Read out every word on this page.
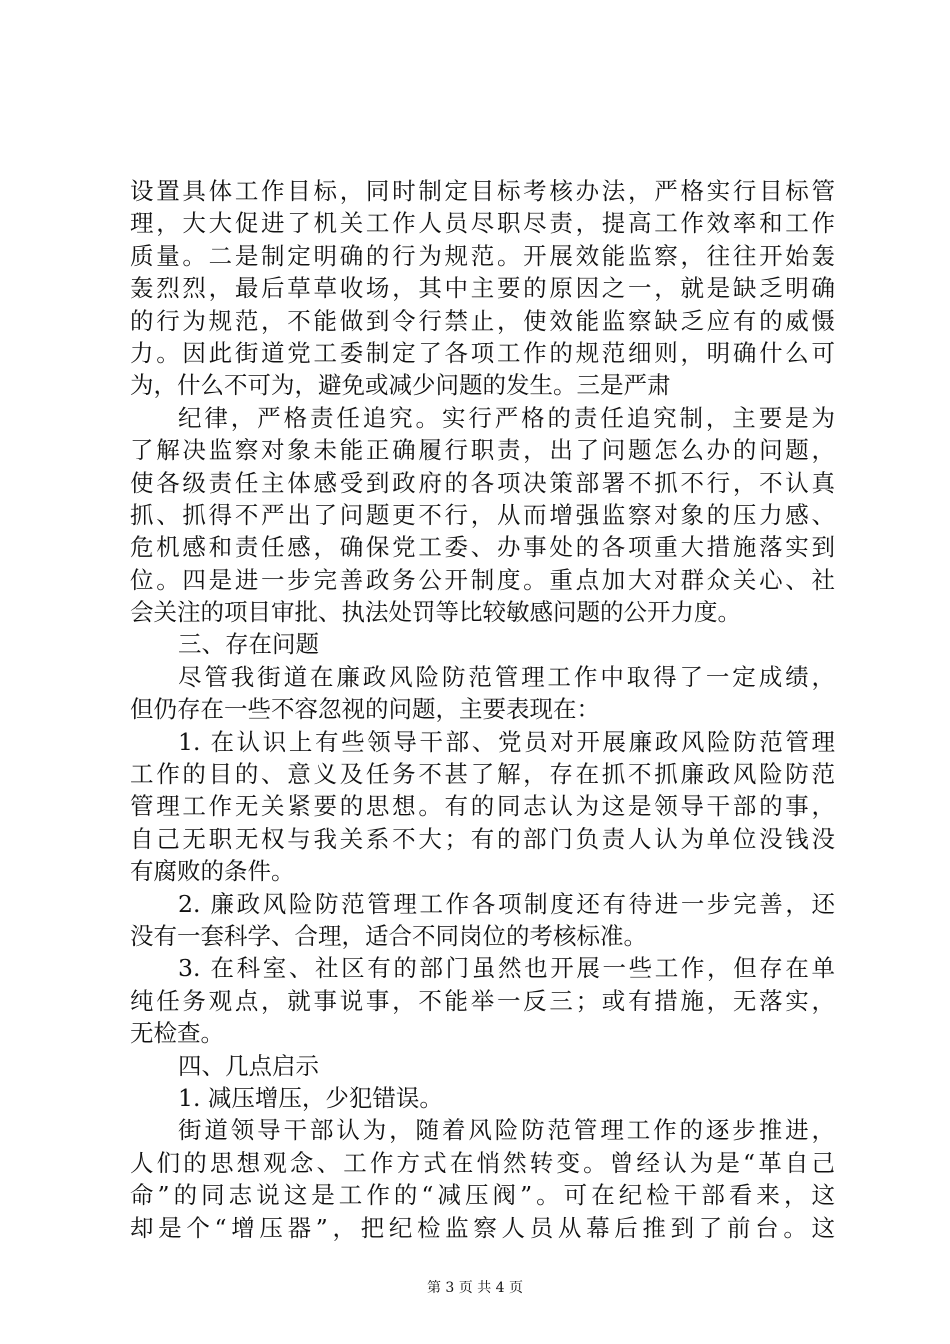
设置具体工作目标，同时制定目标考核办法，严格实行目标管
理，大大促进了机关工作人员尽职尽责，提高工作效率和工作
质量。二是制定明确的行为规范。开展效能监察，往往开始轰
轰烈烈，最后草草收场，其中主要的原因之一，就是缺乏明确
的行为规范，不能做到令行禁止，使效能监察缺乏应有的威慑
力。因此街道党工委制定了各项工作的规范细则，明确什么可
为，什么不可为，避免或减少问题的发生。三是严肃
纪律，严格责任追究。实行严格的责任追究制，主要是为
了解决监察对象未能正确履行职责，出了问题怎么办的问题，
使各级责任主体感受到政府的各项决策部署不抓不行，不认真
抓、抓得不严出了问题更不行，从而增强监察对象的压力感、
危机感和责任感，确保党工委、办事处的各项重大措施落实到
位。四是进一步完善政务公开制度。重点加大对群众关心、社
会关注的项目审批、执法处罚等比较敏感问题的公开力度。
三、存在问题
尽管我街道在廉政风险防范管理工作中取得了一定成绩，
但仍存在一些不容忽视的问题，主要表现在：
1. 在认识上有些领导干部、党员对开展廉政风险防范管理
工作的目的、意义及任务不甚了解，存在抓不抓廉政风险防范
管理工作无关紧要的思想。有的同志认为这是领导干部的事，
自己无职无权与我关系不大；有的部门负责人认为单位没钱没
有腐败的条件。
2. 廉政风险防范管理工作各项制度还有待进一步完善，还
没有一套科学、合理，适合不同岗位的考核标准。
3. 在科室、社区有的部门虽然也开展一些工作，但存在单
纯任务观点，就事说事，不能举一反三；或有措施，无落实，
无检查。
四、几点启示
1. 减压增压，少犯错误。
街道领导干部认为，随着风险防范管理工作的逐步推进，
人们的思想观念、工作方式在悄然转变。曾经认为是“革自己
命”的同志说这是工作的“减压阀”。可在纪检干部看来，这
却是个“增压器”，把纪检监察人员从幕后推到了前台。这
第 3 页 共 4 页
